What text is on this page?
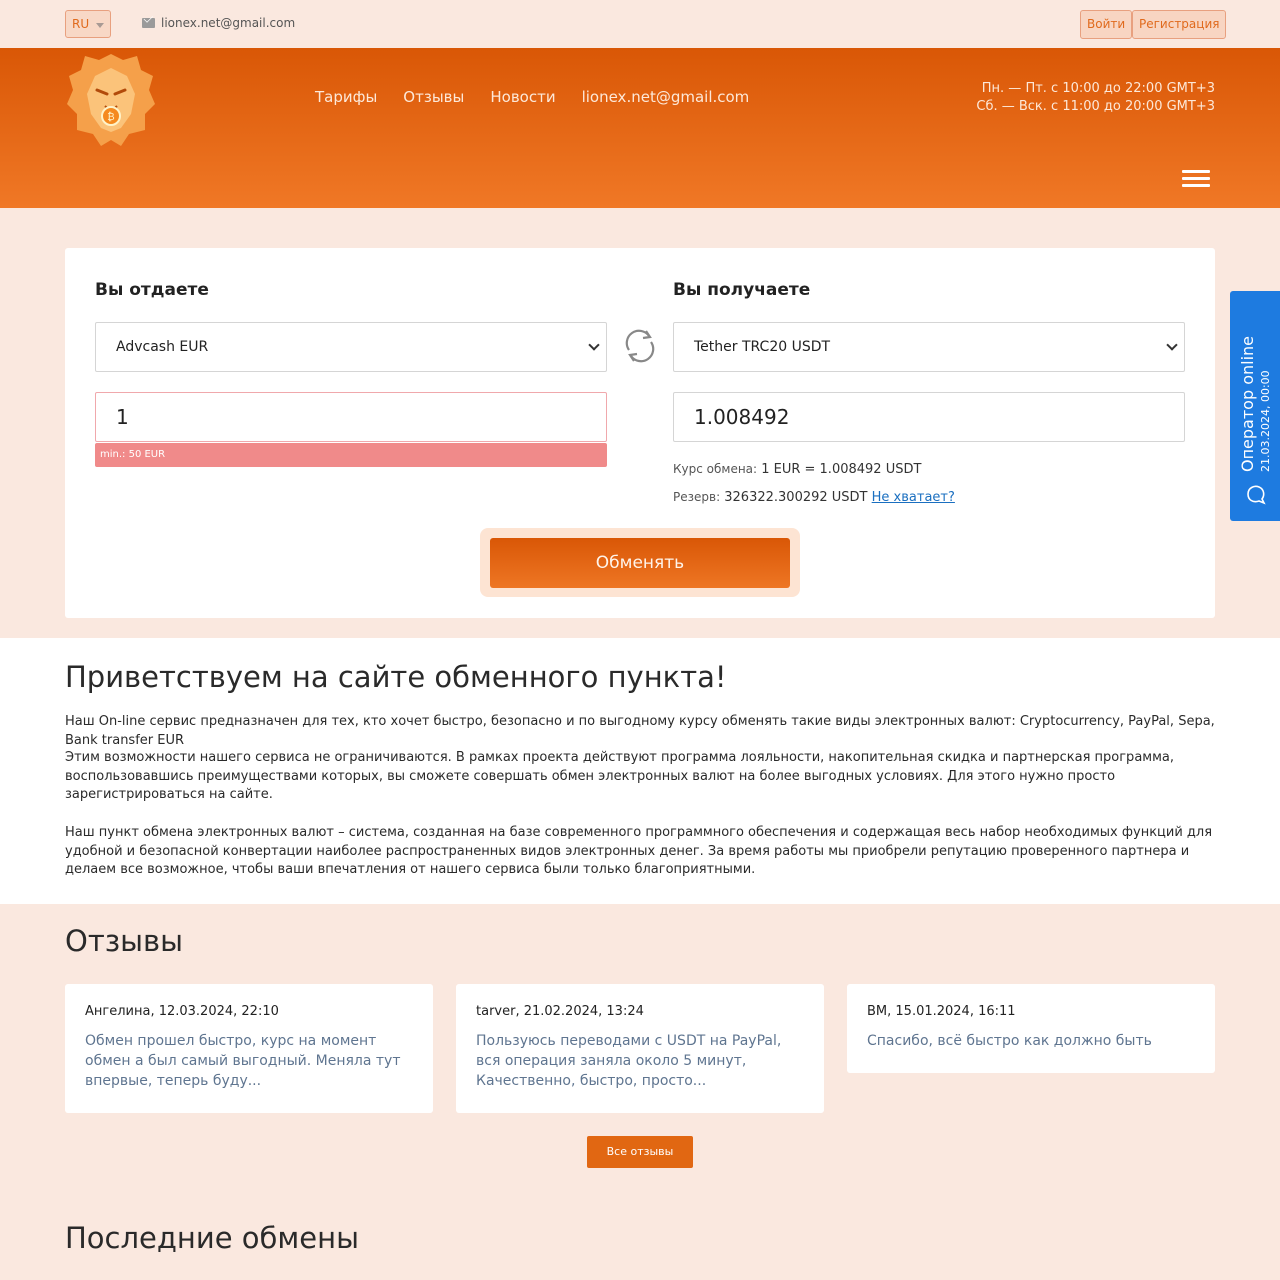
RU	lionex.net@gmail.com	Войти	Регистрация
₿
Тарифы Отзывы Новости lionex.net@gmail.com	Пн. — Пт. с 10:00 до 22:00 GMT+3
Сб. — Вск. с 11:00 до 20:00 GMT+3
Вы отдаете	Вы получаете
Advcash EUR	Tether TRC20 USDT
1
min.: 50 EUR
1.008492
Курс обмена: 1 EUR = 1.008492 USDT
Резерв: 326322.300292 USDT Не хватает?
Обменять
Оператор online 21.03.2024, 00:00
Приветствуем на сайте обменного пункта!

Наш On-line сервис предназначен для тех, кто хочет быстро, безопасно и по выгодному курсу обменять такие виды электронных валют: Cryptocurrency, PayPal, Sepa, Bank transfer EUR

Этим возможности нашего сервиса не ограничиваются. В рамках проекта действуют программа лояльности, накопительная скидка и партнерская программа, воспользовавшись преимуществами которых, вы сможете совершать обмен электронных валют на более выгодных условиях. Для этого нужно просто зарегистрироваться на сайте.

Наш пункт обмена электронных валют – система, созданная на базе современного программного обеспечения и содержащая весь набор необходимых функций для удобной и безопасной конвертации наиболее распространенных видов электронных денег. За время работы мы приобрели репутацию проверенного партнера и делаем все возможное, чтобы ваши впечатления от нашего сервиса были только благоприятными.

Отзывы
Ангелина, 12.03.2024, 22:10
Обмен прошел быстро, курс на момент обмен а был самый выгодный. Меняла тут впервые, теперь буду...
tarver, 21.02.2024, 13:24
Пользуюсь переводами с USDT на PayPal, вся операция заняла около 5 минут, Качественно, быстро, просто...
BM, 15.01.2024, 16:11
Спасибо, всё быстро как должно быть
Все отзывы
Последние обмены
